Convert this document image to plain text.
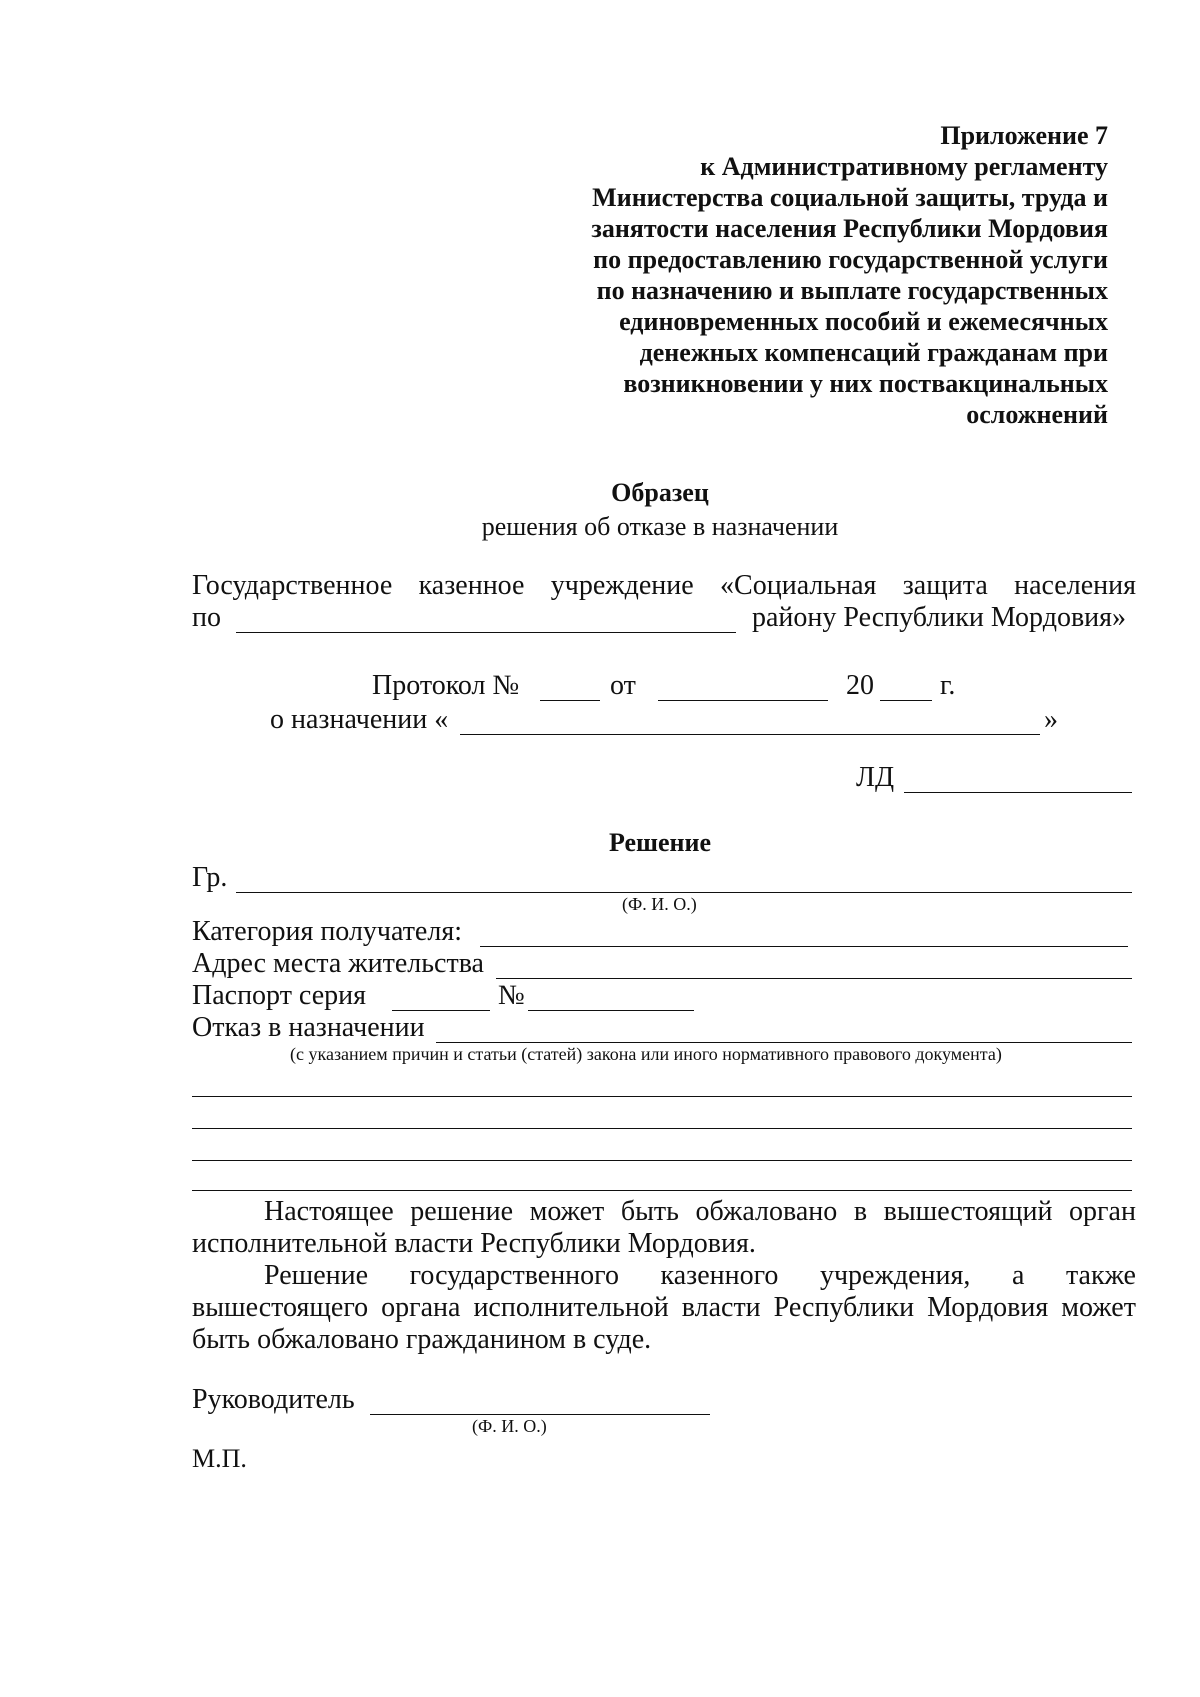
Приложение 7
к Административному регламенту
Министерства социальной защиты, труда и
занятости населения Республики Мордовия
по предоставлению государственной услуги
по назначению и выплате государственных
единовременных пособий и ежемесячных
денежных компенсаций гражданам при
возникновении у них поствакцинальных
осложнений
Образец
решения об отказе в назначении
Государственное казенное учреждение «Социальная защита населения
по	району Республики Мордовия»
Протокол №	от	20 г.
о назначении «	»
ЛД
Решение
Гр.
(Ф. И. О.)
Категория получателя:
Адрес места жительства
Паспорт серия	№
Отказ в назначении
(с указанием причин и статьи (статей) закона или иного нормативного правового документа)
Настоящее решение может быть обжаловано в вышестоящий орган
исполнительной власти Республики Мордовия.
Решение государственного казенного учреждения, а также
вышестоящего органа исполнительной власти Республики Мордовия может
быть обжаловано гражданином в суде.
Руководитель
(Ф. И. О.)
М.П.
